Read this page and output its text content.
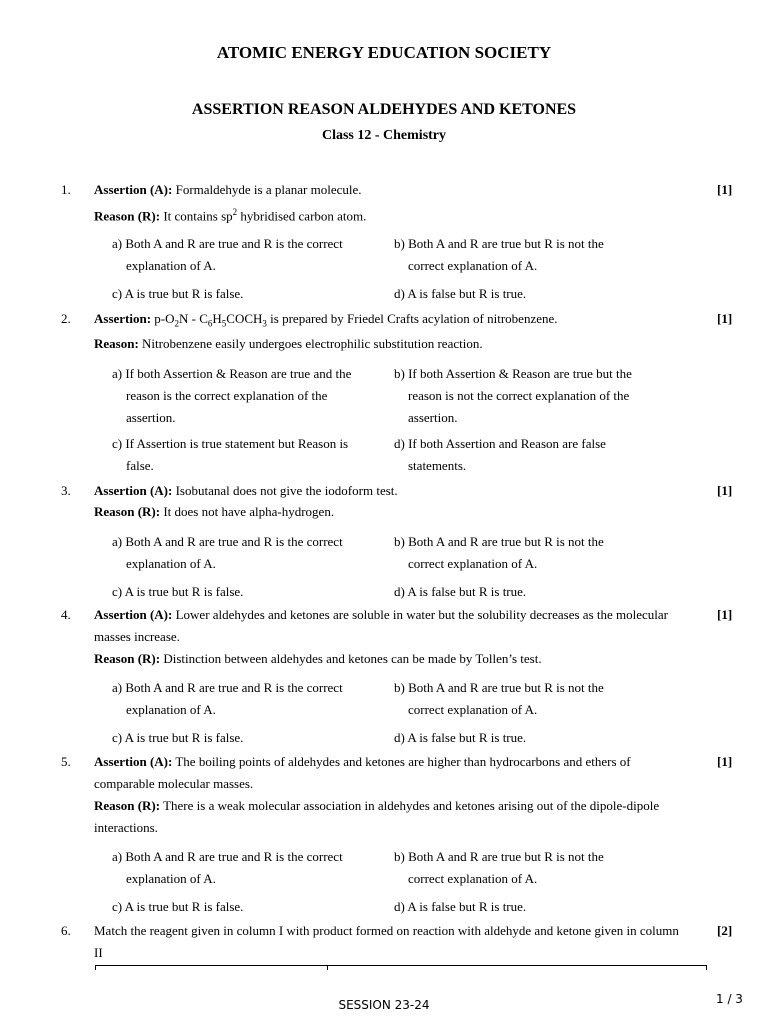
ATOMIC ENERGY EDUCATION SOCIETY
ASSERTION REASON ALDEHYDES AND KETONES
Class 12 - Chemistry
1. Assertion (A): Formaldehyde is a planar molecule.	[1]
Reason (R): It contains $sp^2$ hybridised carbon atom.
a) Both A and R are true and R is the correct
explanation of A.
b) Both A and R are true but R is not the
correct explanation of A.
c) A is true but R is false.	d) A is false but R is true.
2. Assertion: $p-O_2N$ - $C_6H_5COCH_3$ is prepared by Friedel Crafts acylation of nitrobenzene.	[1]
Reason: Nitrobenzene easily undergoes electrophilic substitution reaction.
a) If both Assertion & Reason are true and the
reason is the correct explanation of the
assertion.
b) If both Assertion & Reason are true but the
reason is not the correct explanation of the
assertion.
c) If Assertion is true statement but Reason is
false.
d) If both Assertion and Reason are false
statements.
3. Assertion (A): Isobutanal does not give the iodoform test.	[1]
Reason (R): It does not have alpha-hydrogen.
a) Both A and R are true and R is the correct
explanation of A.
b) Both A and R are true but R is not the
correct explanation of A.
c) A is true but R is false.	d) A is false but R is true.
4. Assertion (A): Lower aldehydes and ketones are soluble in water but the solubility decreases as the molecular
masses increase.
[1]
Reason (R): Distinction between aldehydes and ketones can be made by Tollen’s test.
a) Both A and R are true and R is the correct
explanation of A.
b) Both A and R are true but R is not the
correct explanation of A.
c) A is true but R is false.	d) A is false but R is true.
5. Assertion (A): The boiling points of aldehydes and ketones are higher than hydrocarbons and ethers of
comparable molecular masses.
[1]
Reason (R): There is a weak molecular association in aldehydes and ketones arising out of the dipole-dipole
interactions.
a) Both A and R are true and R is the correct
explanation of A.
b) Both A and R are true but R is not the
correct explanation of A.
c) A is true but R is false.	d) A is false but R is true.
6. Match the reagent given in column I with product formed on reaction with aldehyde and ketone given in column
II
[2]
SESSION 23-24	1 / 3
